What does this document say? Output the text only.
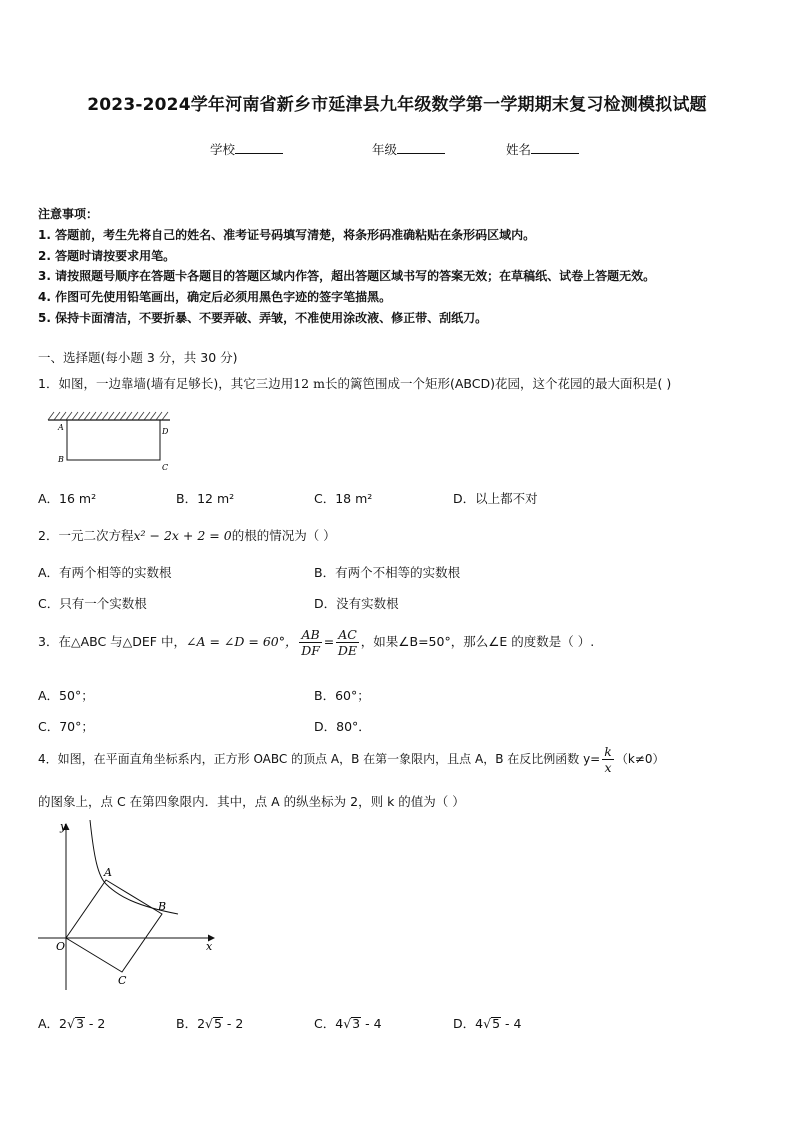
2023-2024学年河南省新乡市延津县九年级数学第一学期期末复习检测模拟试题
学校	年级	姓名
注意事项：
1. 答题前，考生先将自己的姓名、准考证号码填写清楚，将条形码准确粘贴在条形码区域内。
2. 答题时请按要求用笔。
3. 请按照题号顺序在答题卡各题目的答题区域内作答，超出答题区域书写的答案无效；在草稿纸、试卷上答题无效。
4. 作图可先使用铅笔画出，确定后必须用黑色字迹的签字笔描黑。
5. 保持卡面清洁，不要折暴、不要弄破、弄皱，不准使用涂改液、修正带、刮纸刀。
一、选择题(每小题 3 分，共 30 分)
1．如图，一边靠墙(墙有足够长)，其它三边用12 m长的篱笆围成一个矩形(ABCD)花园，这个花园的最大面积是( )
A
B
C
D
A．16 m²	B．12 m²	C．18 m²	D．以上都不对
2．一元二次方程x² − 2x + 2 = 0的根的情况为（ ）
A．有两个相等的实数根	B．有两个不相等的实数根
C．只有一个实数根	D．没有实数根
3．在△ABC 与△DEF 中，∠A = ∠D = 60°， $\frac{AB}{DF} = \frac{AC}{DE}$ ，如果∠B=50°，那么∠E 的度数是（ ）.
A．50°；	B．60°；
C．70°；	D．80°．
4．如图，在平面直角坐标系内，正方形 OABC 的顶点 A，B 在第一象限内，且点 A，B 在反比例函数 $y= \frac{k}{x} (k\ne 0)$
的图象上，点 C 在第四象限内．其中，点 A 的纵坐标为 2，则 k 的值为（ ）
y
x
O
A
B
C
A．2√3 - 2	B．2√5 - 2	C．4√3 - 4	D．4√5 - 4
